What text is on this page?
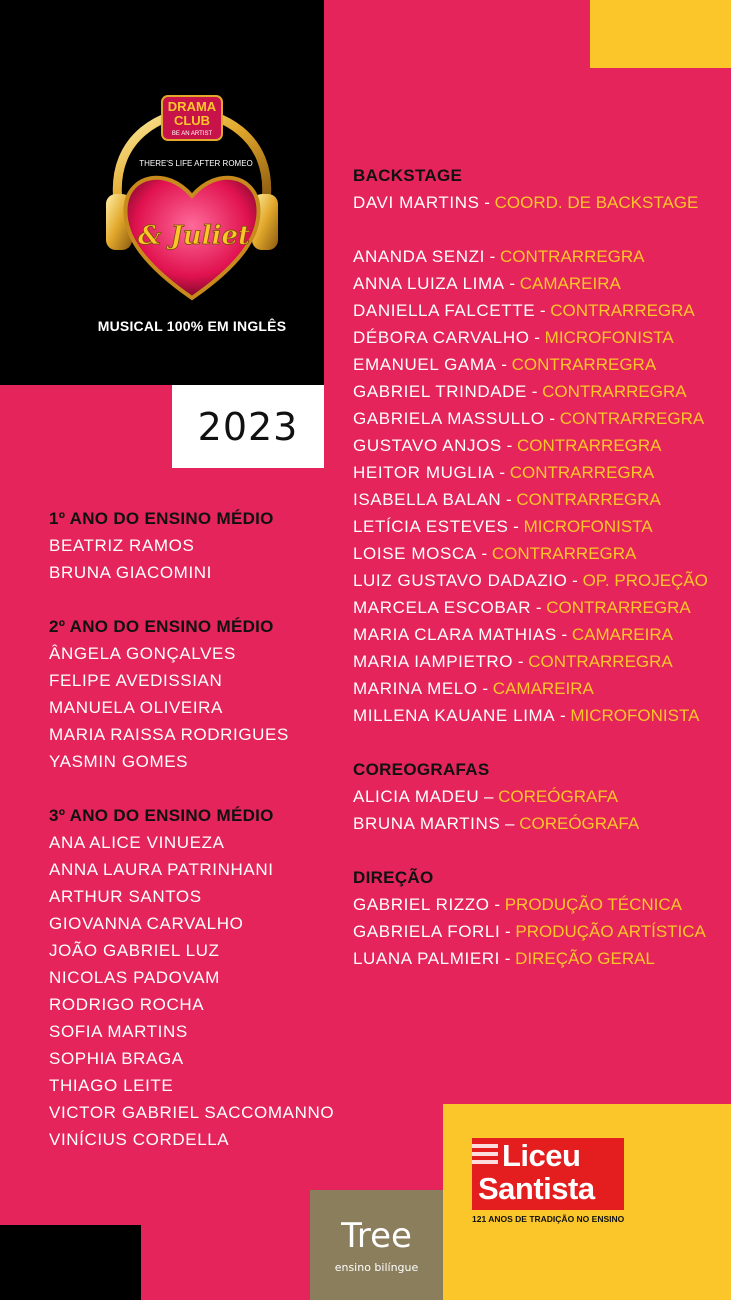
DRAMA
CLUB
BE AN ARTIST
THERE'S LIFE AFTER ROMEO
& Juliet
MUSICAL 100% EM INGLÊS
2023
1º ANO DO ENSINO MÉDIO
BEATRIZ RAMOS
BRUNA GIACOMINI
2º ANO DO ENSINO MÉDIO
ÂNGELA GONÇALVES
FELIPE AVEDISSIAN
MANUELA OLIVEIRA
MARIA RAISSA RODRIGUES
YASMIN GOMES
3º ANO DO ENSINO MÉDIO
ANA ALICE VINUEZA
ANNA LAURA PATRINHANI
ARTHUR SANTOS
GIOVANNA CARVALHO
JOÃO GABRIEL LUZ
NICOLAS PADOVAM
RODRIGO ROCHA
SOFIA MARTINS
SOPHIA BRAGA
THIAGO LEITE
VICTOR GABRIEL SACCOMANNO
VINÍCIUS CORDELLA
BACKSTAGE
DAVI MARTINS - COORD. DE BACKSTAGE
ANANDA SENZI - CONTRARREGRA
ANNA LUIZA LIMA - CAMAREIRA
DANIELLA FALCETTE - CONTRARREGRA
DÉBORA CARVALHO - MICROFONISTA
EMANUEL GAMA - CONTRARREGRA
GABRIEL TRINDADE - CONTRARREGRA
GABRIELA MASSULLO - CONTRARREGRA
GUSTAVO ANJOS - CONTRARREGRA
HEITOR MUGLIA - CONTRARREGRA
ISABELLA BALAN - CONTRARREGRA
LETÍCIA ESTEVES - MICROFONISTA
LOISE MOSCA - CONTRARREGRA
LUIZ GUSTAVO DADAZIO - OP. PROJEÇÃO
MARCELA ESCOBAR - CONTRARREGRA
MARIA CLARA MATHIAS - CAMAREIRA
MARIA IAMPIETRO - CONTRARREGRA
MARINA MELO - CAMAREIRA
MILLENA KAUANE LIMA - MICROFONISTA
COREOGRAFAS
ALICIA MADEU – COREÓGRAFA
BRUNA MARTINS – COREÓGRAFA
DIREÇÃO
GABRIEL RIZZO - PRODUÇÃO TÉCNICA
GABRIELA FORLI - PRODUÇÃO ARTÍSTICA
LUANA PALMIERI - DIREÇÃO GERAL
Tree
ensino bilíngue
Liceu
Santista
121 ANOS DE TRADIÇÃO NO ENSINO
